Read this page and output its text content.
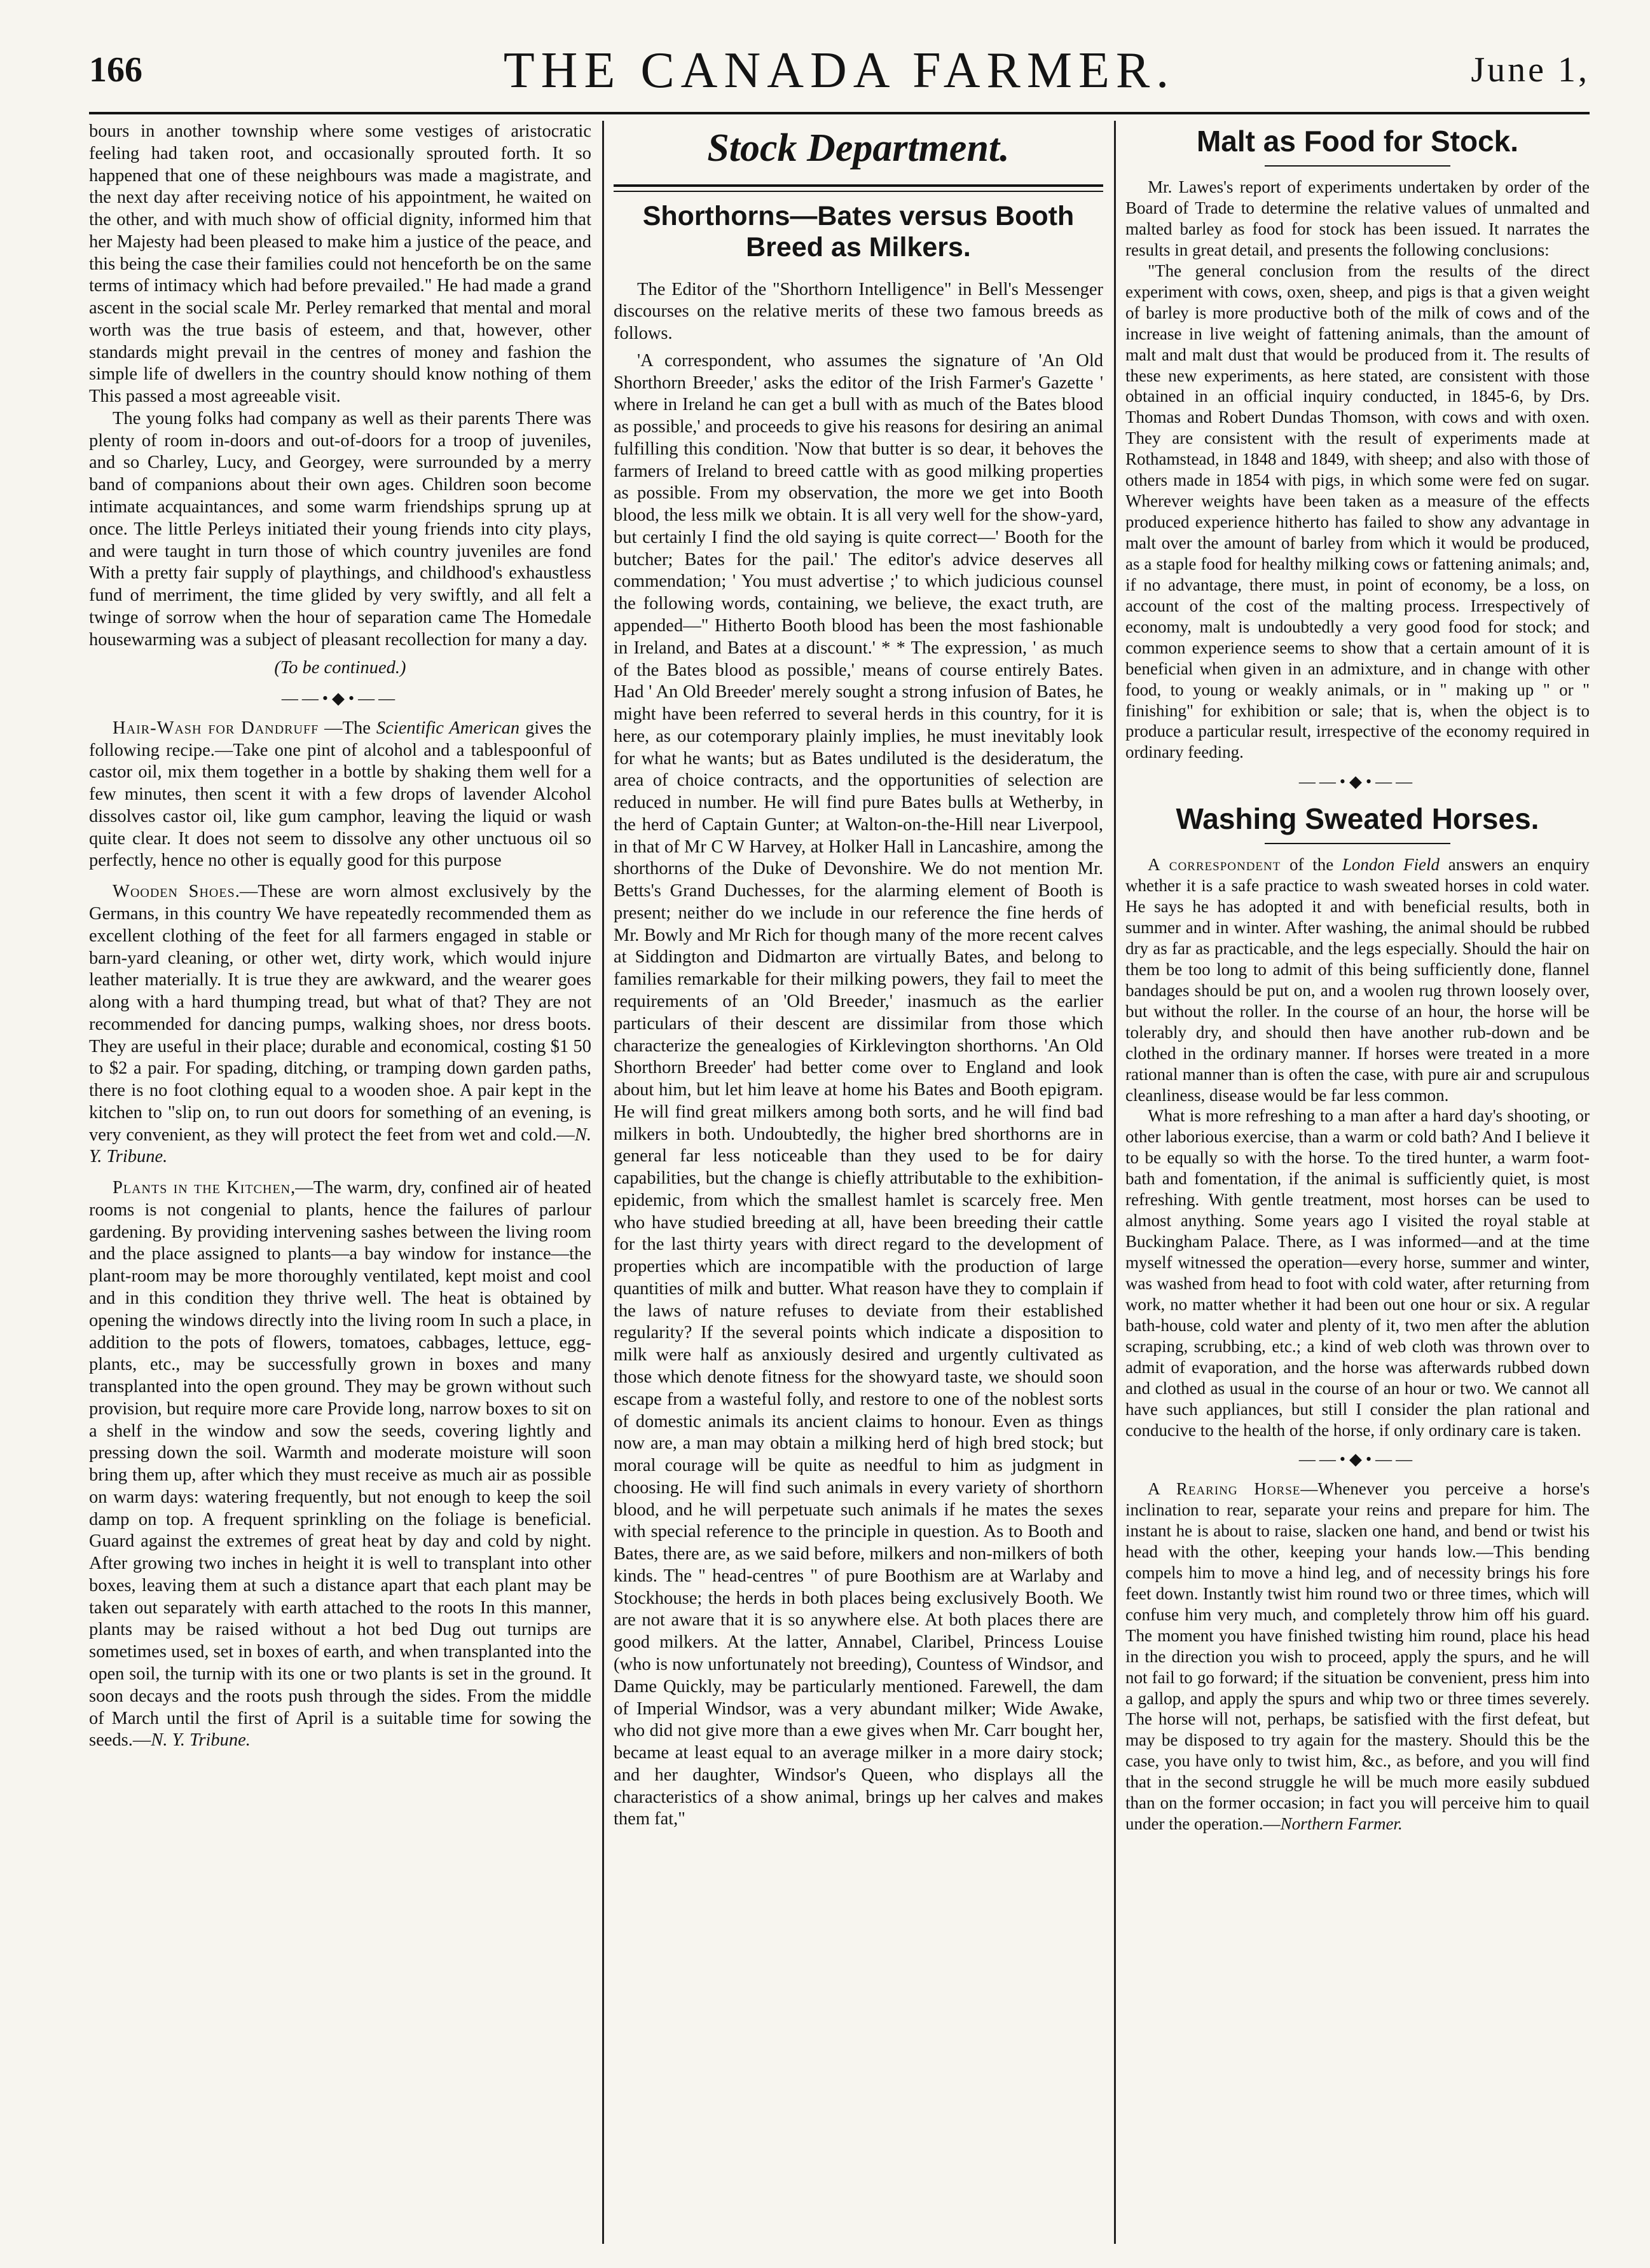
166	THE CANADA FARMER.	June 1,

bours in another township where some vestiges of aristocratic feeling had taken root, and occasionally sprouted forth. It so happened that one of these neighbours was made a magistrate, and the next day after receiving notice of his appointment, he waited on the other, and with much show of official dignity, informed him that her Majesty had been pleased to make him a justice of the peace, and this being the case their families could not henceforth be on the same terms of intimacy which had before prevailed." He had made a grand ascent in the social scale Mr. Perley remarked that mental and moral worth was the true basis of esteem, and that, however, other standards might prevail in the centres of money and fashion the simple life of dwellers in the country should know nothing of them This passed a most agreeable visit.

The young folks had company as well as their parents There was plenty of room in-doors and out-of-doors for a troop of juveniles, and so Charley, Lucy, and Georgey, were surrounded by a merry band of companions about their own ages. Children soon become intimate acquaintances, and some warm friendships sprung up at once. The little Perleys initiated their young friends into city plays, and were taught in turn those of which country juveniles are fond With a pretty fair supply of playthings, and childhood's exhaustless fund of merriment, the time glided by very swiftly, and all felt a twinge of sorrow when the hour of separation came The Homedale housewarming was a subject of pleasant recollection for many a day.

(To be continued.)
——•◆•——

Hair-Wash for Dandruff —The Scientific American gives the following recipe.—Take one pint of alcohol and a tablespoonful of castor oil, mix them together in a bottle by shaking them well for a few minutes, then scent it with a few drops of lavender Alcohol dissolves castor oil, like gum camphor, leaving the liquid or wash quite clear. It does not seem to dissolve any other unctuous oil so perfectly, hence no other is equally good for this purpose

Wooden Shoes.—These are worn almost exclusively by the Germans, in this country We have repeatedly recommended them as excellent clothing of the feet for all farmers engaged in stable or barn-yard cleaning, or other wet, dirty work, which would injure leather materially. It is true they are awkward, and the wearer goes along with a hard thumping tread, but what of that? They are not recommended for dancing pumps, walking shoes, nor dress boots. They are useful in their place; durable and economical, costing $1 50 to $2 a pair. For spading, ditching, or tramping down garden paths, there is no foot clothing equal to a wooden shoe. A pair kept in the kitchen to "slip on, to run out doors for something of an evening, is very convenient, as they will protect the feet from wet and cold.—N. Y. Tribune.

Plants in the Kitchen,—The warm, dry, confined air of heated rooms is not congenial to plants, hence the failures of parlour gardening. By providing intervening sashes between the living room and the place assigned to plants—a bay window for instance—the plant-room may be more thoroughly ventilated, kept moist and cool and in this condition they thrive well. The heat is obtained by opening the windows directly into the living room In such a place, in addition to the pots of flowers, tomatoes, cabbages, lettuce, egg-plants, etc., may be successfully grown in boxes and many transplanted into the open ground. They may be grown without such provision, but require more care Provide long, narrow boxes to sit on a shelf in the window and sow the seeds, covering lightly and pressing down the soil. Warmth and moderate moisture will soon bring them up, after which they must receive as much air as possible on warm days: watering frequently, but not enough to keep the soil damp on top. A frequent sprinkling on the foliage is beneficial. Guard against the extremes of great heat by day and cold by night. After growing two inches in height it is well to transplant into other boxes, leaving them at such a distance apart that each plant may be taken out separately with earth attached to the roots In this manner, plants may be raised without a hot bed Dug out turnips are sometimes used, set in boxes of earth, and when transplanted into the open soil, the turnip with its one or two plants is set in the ground. It soon decays and the roots push through the sides. From the middle of March until the first of April is a suitable time for sowing the seeds.—N. Y. Tribune.

Stock Department.
Shorthorns—Bates versus Booth Breed as Milkers.

The Editor of the "Shorthorn Intelligence" in Bell's Messenger discourses on the relative merits of these two famous breeds as follows.

'A correspondent, who assumes the signature of 'An Old Shorthorn Breeder,' asks the editor of the Irish Farmer's Gazette ' where in Ireland he can get a bull with as much of the Bates blood as possible,' and proceeds to give his reasons for desiring an animal fulfilling this condition. 'Now that butter is so dear, it behoves the farmers of Ireland to breed cattle with as good milking properties as possible. From my observation, the more we get into Booth blood, the less milk we obtain. It is all very well for the show-yard, but certainly I find the old saying is quite correct—' Booth for the butcher; Bates for the pail.' The editor's advice deserves all commendation; ' You must advertise ;' to which judicious counsel the following words, containing, we believe, the exact truth, are appended—" Hitherto Booth blood has been the most fashionable in Ireland, and Bates at a discount.' * * The expression, ' as much of the Bates blood as possible,' means of course entirely Bates. Had ' An Old Breeder' merely sought a strong infusion of Bates, he might have been referred to several herds in this country, for it is here, as our cotemporary plainly implies, he must inevitably look for what he wants; but as Bates undiluted is the desideratum, the area of choice contracts, and the opportunities of selection are reduced in number. He will find pure Bates bulls at Wetherby, in the herd of Captain Gunter; at Walton-on-the-Hill near Liverpool, in that of Mr C W Harvey, at Holker Hall in Lancashire, among the shorthorns of the Duke of Devonshire. We do not mention Mr. Betts's Grand Duchesses, for the alarming element of Booth is present; neither do we include in our reference the fine herds of Mr. Bowly and Mr Rich for though many of the more recent calves at Siddington and Didmarton are virtually Bates, and belong to families remarkable for their milking powers, they fail to meet the requirements of an 'Old Breeder,' inasmuch as the earlier particulars of their descent are dissimilar from those which characterize the genealogies of Kirklevington shorthorns. 'An Old Shorthorn Breeder' had better come over to England and look about him, but let him leave at home his Bates and Booth epigram. He will find great milkers among both sorts, and he will find bad milkers in both. Undoubtedly, the higher bred shorthorns are in general far less noticeable than they used to be for dairy capabilities, but the change is chiefly attributable to the exhibition-epidemic, from which the smallest hamlet is scarcely free. Men who have studied breeding at all, have been breeding their cattle for the last thirty years with direct regard to the development of properties which are incompatible with the production of large quantities of milk and butter. What reason have they to complain if the laws of nature refuses to deviate from their established regularity? If the several points which indicate a disposition to milk were half as anxiously desired and urgently cultivated as those which denote fitness for the showyard taste, we should soon escape from a wasteful folly, and restore to one of the noblest sorts of domestic animals its ancient claims to honour. Even as things now are, a man may obtain a milking herd of high bred stock; but moral courage will be quite as needful to him as judgment in choosing. He will find such animals in every variety of shorthorn blood, and he will perpetuate such animals if he mates the sexes with special reference to the principle in question. As to Booth and Bates, there are, as we said before, milkers and non-milkers of both kinds. The " head-centres " of pure Boothism are at Warlaby and Stockhouse; the herds in both places being exclusively Booth. We are not aware that it is so anywhere else. At both places there are good milkers. At the latter, Annabel, Claribel, Princess Louise (who is now unfortunately not breeding), Countess of Windsor, and Dame Quickly, may be particularly mentioned. Farewell, the dam of Imperial Windsor, was a very abundant milker; Wide Awake, who did not give more than a ewe gives when Mr. Carr bought her, became at least equal to an average milker in a more dairy stock; and her daughter, Windsor's Queen, who displays all the characteristics of a show animal, brings up her calves and makes them fat,"

Malt as Food for Stock.

Mr. Lawes's report of experiments undertaken by order of the Board of Trade to determine the relative values of unmalted and malted barley as food for stock has been issued. It narrates the results in great detail, and presents the following conclusions:

"The general conclusion from the results of the direct experiment with cows, oxen, sheep, and pigs is that a given weight of barley is more productive both of the milk of cows and of the increase in live weight of fattening animals, than the amount of malt and malt dust that would be produced from it. The results of these new experiments, as here stated, are consistent with those obtained in an official inquiry conducted, in 1845-6, by Drs. Thomas and Robert Dundas Thomson, with cows and with oxen. They are consistent with the result of experiments made at Rothamstead, in 1848 and 1849, with sheep; and also with those of others made in 1854 with pigs, in which some were fed on sugar. Wherever weights have been taken as a measure of the effects produced experience hitherto has failed to show any advantage in malt over the amount of barley from which it would be produced, as a staple food for healthy milking cows or fattening animals; and, if no advantage, there must, in point of economy, be a loss, on account of the cost of the malting process. Irrespectively of economy, malt is undoubtedly a very good food for stock; and common experience seems to show that a certain amount of it is beneficial when given in an admixture, and in change with other food, to young or weakly animals, or in " making up " or " finishing" for exhibition or sale; that is, when the object is to produce a particular result, irrespective of the economy required in ordinary feeding.

——•◆•——
Washing Sweated Horses.

A correspondent of the London Field answers an enquiry whether it is a safe practice to wash sweated horses in cold water. He says he has adopted it and with beneficial results, both in summer and in winter. After washing, the animal should be rubbed dry as far as practicable, and the legs especially. Should the hair on them be too long to admit of this being sufficiently done, flannel bandages should be put on, and a woolen rug thrown loosely over, but without the roller. In the course of an hour, the horse will be tolerably dry, and should then have another rub-down and be clothed in the ordinary manner. If horses were treated in a more rational manner than is often the case, with pure air and scrupulous cleanliness, disease would be far less common.

What is more refreshing to a man after a hard day's shooting, or other laborious exercise, than a warm or cold bath? And I believe it to be equally so with the horse. To the tired hunter, a warm foot-bath and fomentation, if the animal is sufficiently quiet, is most refreshing. With gentle treatment, most horses can be used to almost anything. Some years ago I visited the royal stable at Buckingham Palace. There, as I was informed—and at the time myself witnessed the operation—every horse, summer and winter, was washed from head to foot with cold water, after returning from work, no matter whether it had been out one hour or six. A regular bath-house, cold water and plenty of it, two men after the ablution scraping, scrubbing, etc.; a kind of web cloth was thrown over to admit of evaporation, and the horse was afterwards rubbed down and clothed as usual in the course of an hour or two. We cannot all have such appliances, but still I consider the plan rational and conducive to the health of the horse, if only ordinary care is taken.

——•◆•——

A Rearing Horse—Whenever you perceive a horse's inclination to rear, separate your reins and prepare for him. The instant he is about to raise, slacken one hand, and bend or twist his head with the other, keeping your hands low.—This bending compels him to move a hind leg, and of necessity brings his fore feet down. Instantly twist him round two or three times, which will confuse him very much, and completely throw him off his guard. The moment you have finished twisting him round, place his head in the direction you wish to proceed, apply the spurs, and he will not fail to go forward; if the situation be convenient, press him into a gallop, and apply the spurs and whip two or three times severely. The horse will not, perhaps, be satisfied with the first defeat, but may be disposed to try again for the mastery. Should this be the case, you have only to twist him, &c., as before, and you will find that in the second struggle he will be much more easily subdued than on the former occasion; in fact you will perceive him to quail under the operation.—Northern Farmer.
